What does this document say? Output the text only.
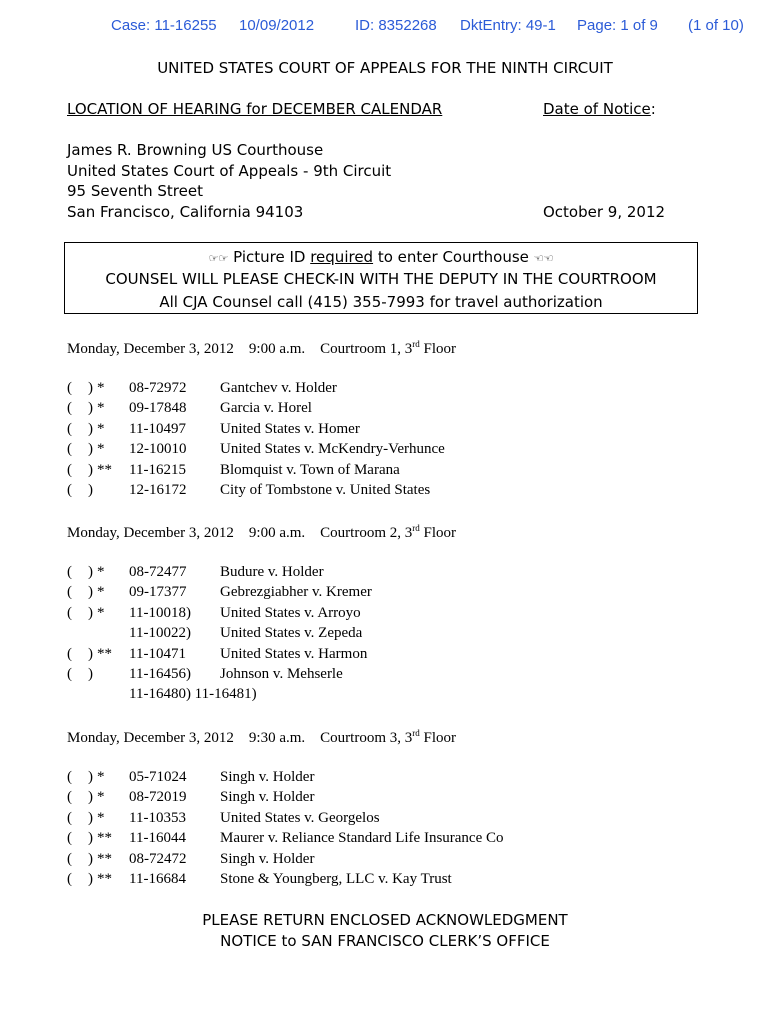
Case: 11-16255 10/09/2012	ID: 8352268 DktEntry: 49-1 Page: 1 of 9 (1 of 10)
UNITED STATES COURT OF APPEALS FOR THE NINTH CIRCUIT
LOCATION OF HEARING for DECEMBER CALENDAR	Date of Notice:
James R. Browning US Courthouse
United States Court of Appeals - 9th Circuit
95 Seventh Street
San Francisco, California 94103	October 9, 2012
☞☞ Picture ID required to enter Courthouse ☜☜
COUNSEL WILL PLEASE CHECK-IN WITH THE DEPUTY IN THE COURTROOM
All CJA Counsel call (415) 355-7993 for travel authorization
Monday, December 3, 2012 9:00 a.m. Courtroom 1, 3rd Floor
( ) * 08-72972 Gantchev v. Holder
( ) * 09-17848 Garcia v. Horel
( ) * 11-10497 United States v. Homer
( ) * 12-10010 United States v. McKendry-Verhunce
( ) ** 11-16215 Blomquist v. Town of Marana
( ) 12-16172 City of Tombstone v. United States
Monday, December 3, 2012 9:00 a.m. Courtroom 2, 3rd Floor
( ) * 08-72477 Budure v. Holder
( ) * 09-17377 Gebrezgiabher v. Kremer
( ) * 11-10018) United States v. Arroyo
11-10022) United States v. Zepeda
( ) ** 11-10471 United States v. Harmon
( ) 11-16456) Johnson v. Mehserle
11-16480) 11-16481)
Monday, December 3, 2012 9:30 a.m. Courtroom 3, 3rd Floor
( ) * 05-71024 Singh v. Holder
( ) * 08-72019 Singh v. Holder
( ) * 11-10353 United States v. Georgelos
( ) ** 11-16044 Maurer v. Reliance Standard Life Insurance Co
( ) ** 08-72472 Singh v. Holder
( ) ** 11-16684 Stone & Youngberg, LLC v. Kay Trust
PLEASE RETURN ENCLOSED ACKNOWLEDGMENT
NOTICE to SAN FRANCISCO CLERK’S OFFICE
